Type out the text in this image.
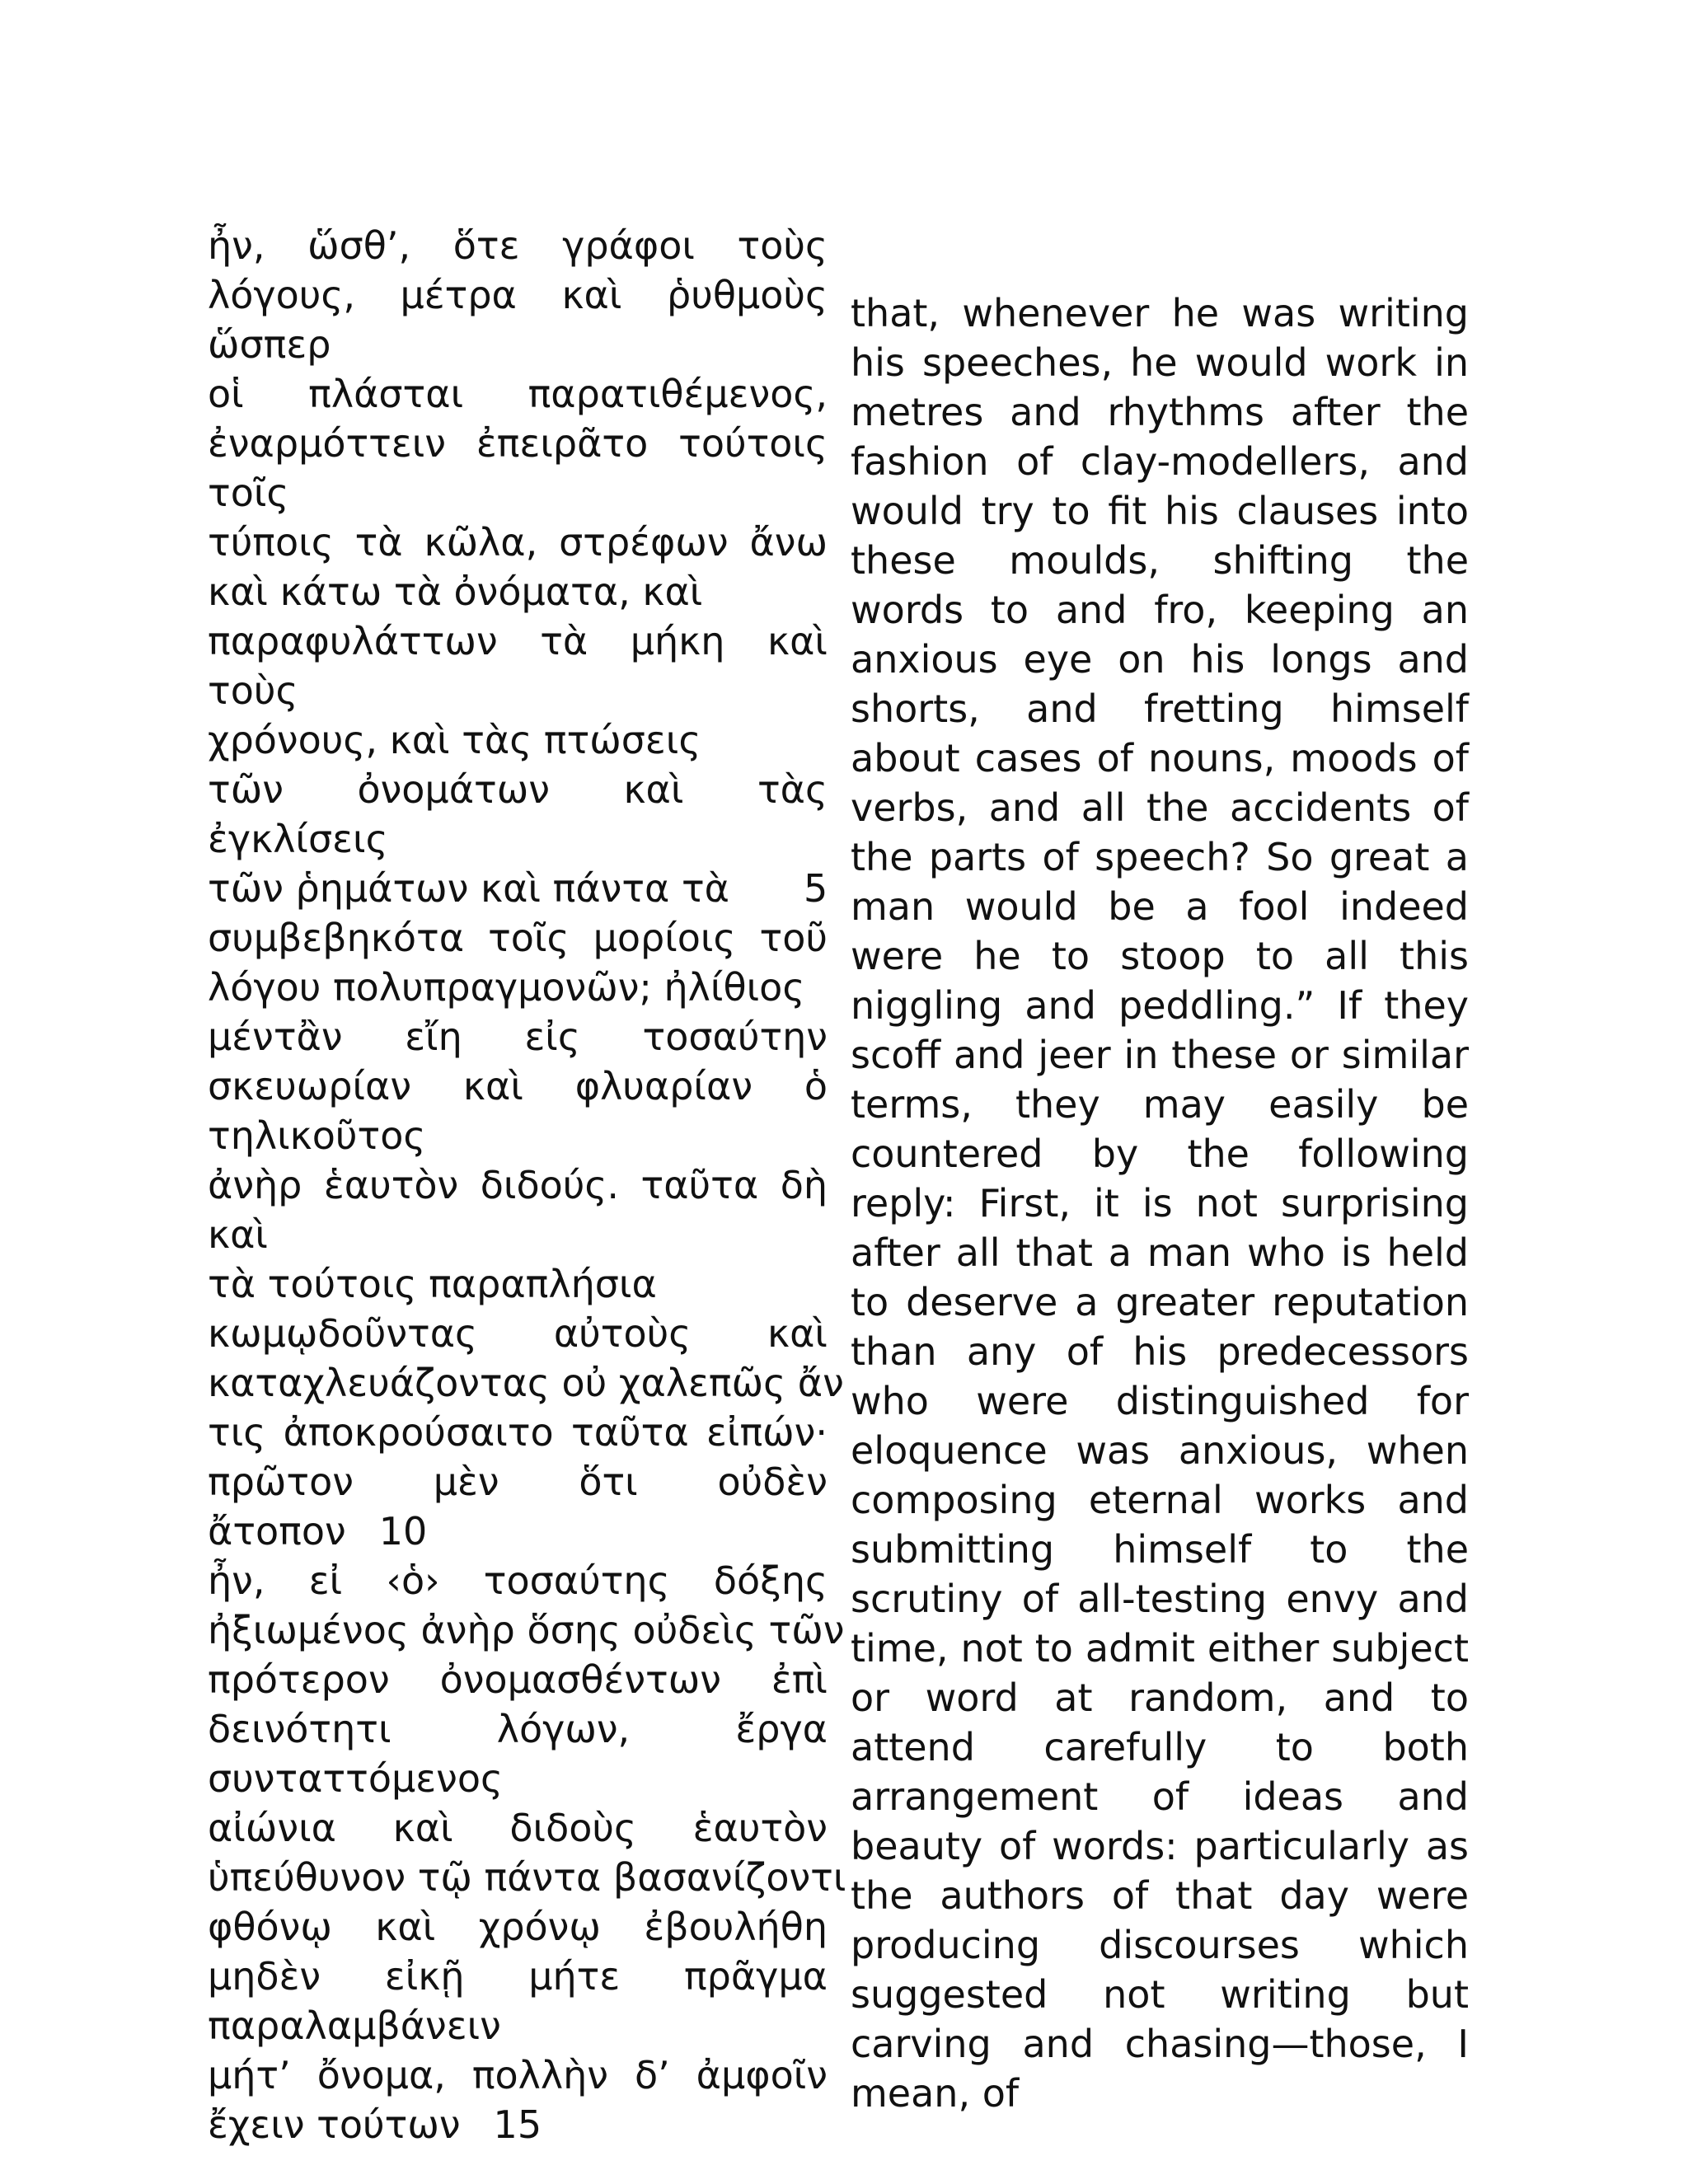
ἦν, ὥσθ’, ὅτε γράφοι τοὺς
λόγους, μέτρα καὶ ῥυθμοὺς
ὥσπερ
οἱ πλάσται παρατιθέμενος,
ἐναρμόττειν ἐπειρᾶτο τούτοις τοῖς
τύποις τὰ κῶλα, στρέφων ἄνω
καὶ κάτω τὰ ὀνόματα, καὶ
παραφυλάττων τὰ μήκη καὶ τοὺς
χρόνους, καὶ τὰς πτώσεις
τῶν ὀνομάτων καὶ τὰς ἐγκλίσεις
τῶν ῥημάτων καὶ πάντα τὰ 5
συμβεβηκότα τοῖς μορίοις τοῦ
λόγου πολυπραγμονῶν; ἠλίθιος
μέντἂν εἴη εἰς τοσαύτην
σκευωρίαν καὶ φλυαρίαν ὁ
τηλικοῦτος
ἀνὴρ ἑαυτὸν διδούς. ταῦτα δὴ καὶ
τὰ τούτοις παραπλήσια
κωμῳδοῦντας αὐτοὺς καὶ
καταχλευάζοντας οὐ χαλεπῶς ἄν
τις ἀποκρούσαιτο ταῦτα εἰπών·
πρῶτον μὲν ὅτι οὐδὲν
ἄτοπον 10
ἦν, εἰ ‹ὁ› τοσαύτης δόξης
ἠξιωμένος ἀνὴρ ὅσης οὐδεὶς τῶν
πρότερον ὀνομασθέντων ἐπὶ
δεινότητι λόγων, ἔργα
συνταττόμενος
αἰώνια καὶ διδοὺς ἑαυτὸν
ὑπεύθυνον τῷ πάντα βασανίζοντι
φθόνῳ καὶ χρόνῳ ἐβουλήθη
μηδὲν εἰκῇ μήτε πρᾶγμα
παραλαμβάνειν
μήτ’ ὄνομα, πολλὴν δ’ ἀμφοῖν
ἔχειν τούτων 15
that, whenever he was writing his speeches, he would work in metres and rhythms after the fashion of clay-modellers, and would try to fit his clauses into these moulds, shifting the words to and fro, keeping an anxious eye on his longs and shorts, and fretting himself about cases of nouns, moods of verbs, and all the accidents of the parts of speech? So great a man would be a fool indeed were he to stoop to all this niggling and peddling.” If they scoff and jeer in these or similar terms, they may easily be countered by the following reply: First, it is not surprising after all that a man who is held to deserve a greater reputation than any of his predecessors who were distinguished for eloquence was anxious, when composing eternal works and submitting himself to the scrutiny of all-testing envy and time, not to admit either subject or word at random, and to attend carefully to both arrangement of ideas and beauty of words: particularly as the authors of that day were producing discourses which suggested not writing but carving and chasing—those, I mean, of
